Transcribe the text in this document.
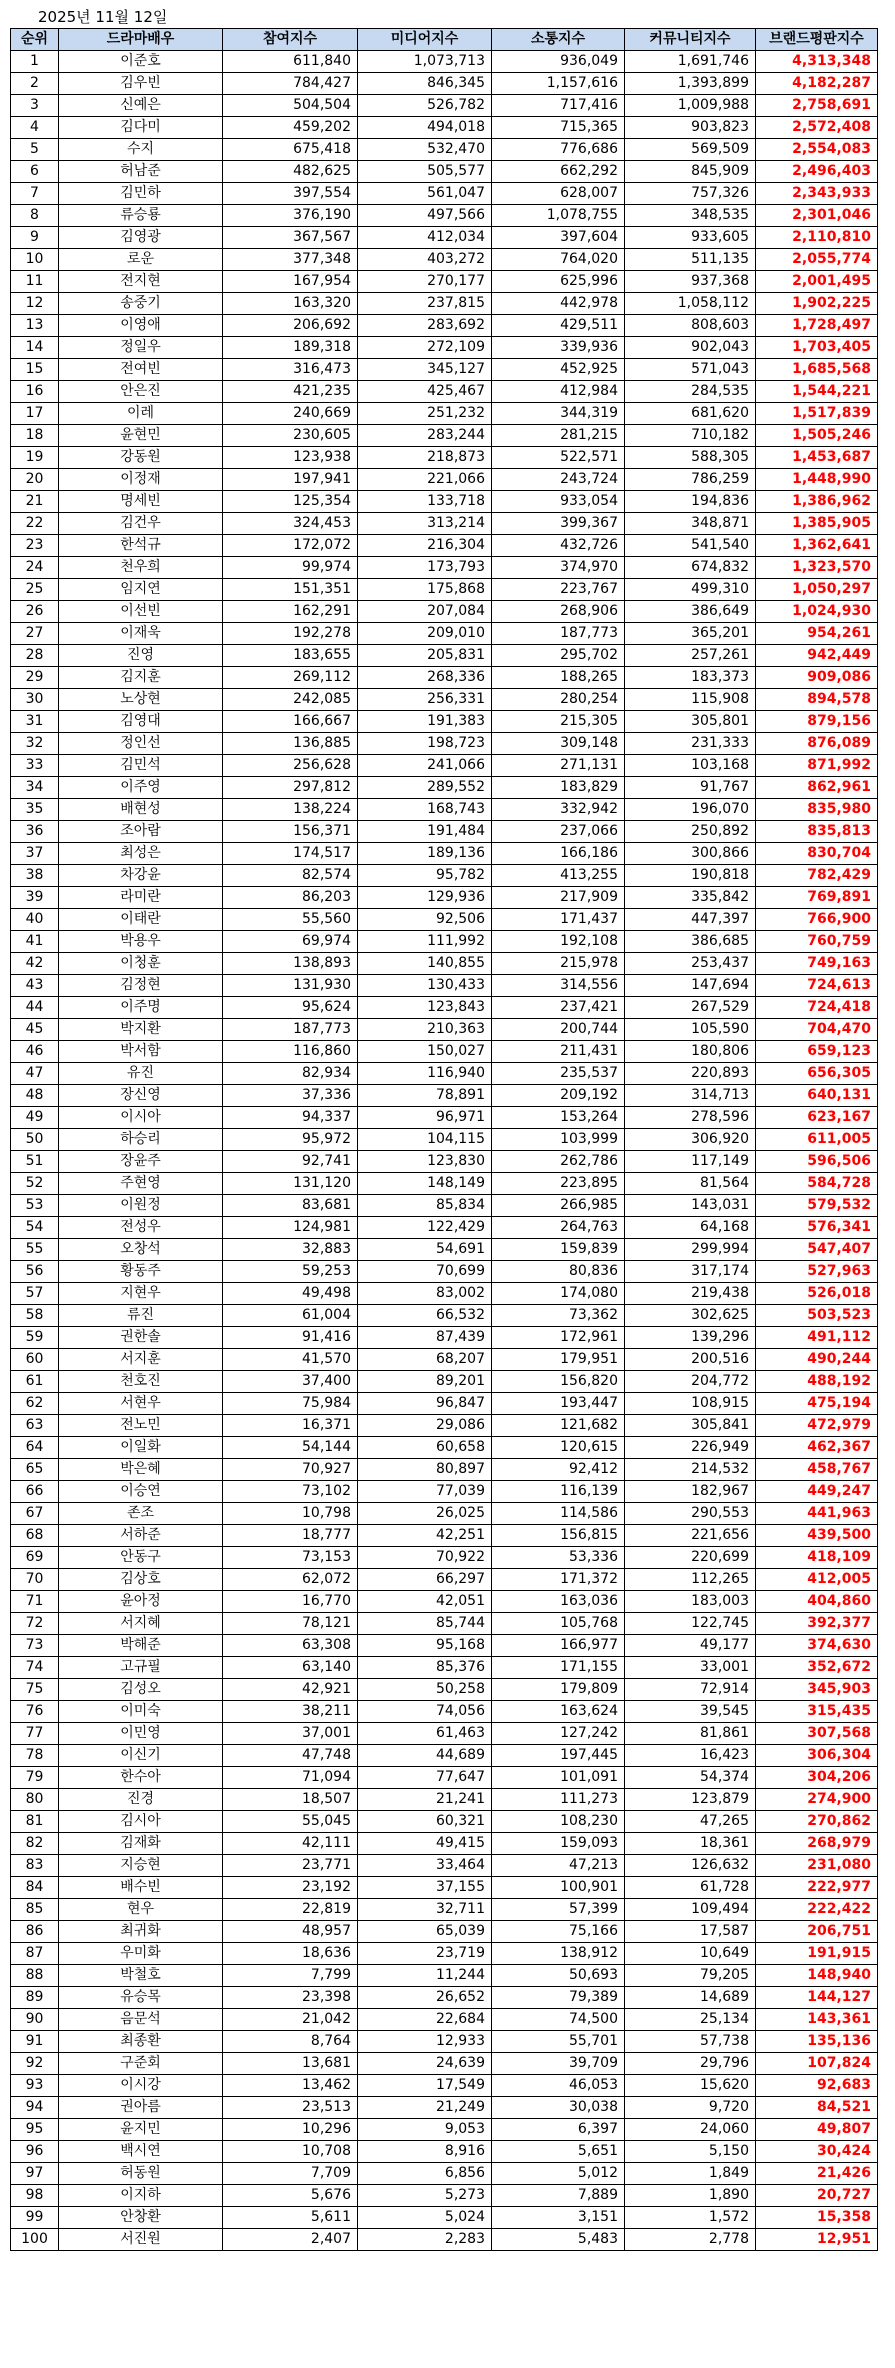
2025년 11월 12일
순위	드라마배우	참여지수	미디어지수	소통지수	커뮤니티지수	브랜드평판지수
1	이준호	611,840	1,073,713	936,049	1,691,746	4,313,348
2	김우빈	784,427	846,345	1,157,616	1,393,899	4,182,287
3	신예은	504,504	526,782	717,416	1,009,988	2,758,691
4	김다미	459,202	494,018	715,365	903,823	2,572,408
5	수지	675,418	532,470	776,686	569,509	2,554,083
6	허남준	482,625	505,577	662,292	845,909	2,496,403
7	김민하	397,554	561,047	628,007	757,326	2,343,933
8	류승룡	376,190	497,566	1,078,755	348,535	2,301,046
9	김영광	367,567	412,034	397,604	933,605	2,110,810
10	로운	377,348	403,272	764,020	511,135	2,055,774
11	전지현	167,954	270,177	625,996	937,368	2,001,495
12	송중기	163,320	237,815	442,978	1,058,112	1,902,225
13	이영애	206,692	283,692	429,511	808,603	1,728,497
14	정일우	189,318	272,109	339,936	902,043	1,703,405
15	전여빈	316,473	345,127	452,925	571,043	1,685,568
16	안은진	421,235	425,467	412,984	284,535	1,544,221
17	이레	240,669	251,232	344,319	681,620	1,517,839
18	윤현민	230,605	283,244	281,215	710,182	1,505,246
19	강동원	123,938	218,873	522,571	588,305	1,453,687
20	이정재	197,941	221,066	243,724	786,259	1,448,990
21	명세빈	125,354	133,718	933,054	194,836	1,386,962
22	김건우	324,453	313,214	399,367	348,871	1,385,905
23	한석규	172,072	216,304	432,726	541,540	1,362,641
24	천우희	99,974	173,793	374,970	674,832	1,323,570
25	임지연	151,351	175,868	223,767	499,310	1,050,297
26	이선빈	162,291	207,084	268,906	386,649	1,024,930
27	이재욱	192,278	209,010	187,773	365,201	954,261
28	진영	183,655	205,831	295,702	257,261	942,449
29	김지훈	269,112	268,336	188,265	183,373	909,086
30	노상현	242,085	256,331	280,254	115,908	894,578
31	김영대	166,667	191,383	215,305	305,801	879,156
32	정인선	136,885	198,723	309,148	231,333	876,089
33	김민석	256,628	241,066	271,131	103,168	871,992
34	이주영	297,812	289,552	183,829	91,767	862,961
35	배현성	138,224	168,743	332,942	196,070	835,980
36	조아람	156,371	191,484	237,066	250,892	835,813
37	최성은	174,517	189,136	166,186	300,866	830,704
38	차강윤	82,574	95,782	413,255	190,818	782,429
39	라미란	86,203	129,936	217,909	335,842	769,891
40	이태란	55,560	92,506	171,437	447,397	766,900
41	박용우	69,974	111,992	192,108	386,685	760,759
42	이청훈	138,893	140,855	215,978	253,437	749,163
43	김정현	131,930	130,433	314,556	147,694	724,613
44	이주명	95,624	123,843	237,421	267,529	724,418
45	박지환	187,773	210,363	200,744	105,590	704,470
46	박서함	116,860	150,027	211,431	180,806	659,123
47	유진	82,934	116,940	235,537	220,893	656,305
48	장신영	37,336	78,891	209,192	314,713	640,131
49	이시아	94,337	96,971	153,264	278,596	623,167
50	하승리	95,972	104,115	103,999	306,920	611,005
51	장윤주	92,741	123,830	262,786	117,149	596,506
52	주현영	131,120	148,149	223,895	81,564	584,728
53	이원정	83,681	85,834	266,985	143,031	579,532
54	전성우	124,981	122,429	264,763	64,168	576,341
55	오창석	32,883	54,691	159,839	299,994	547,407
56	황동주	59,253	70,699	80,836	317,174	527,963
57	지현우	49,498	83,002	174,080	219,438	526,018
58	류진	61,004	66,532	73,362	302,625	503,523
59	권한솔	91,416	87,439	172,961	139,296	491,112
60	서지훈	41,570	68,207	179,951	200,516	490,244
61	천호진	37,400	89,201	156,820	204,772	488,192
62	서현우	75,984	96,847	193,447	108,915	475,194
63	전노민	16,371	29,086	121,682	305,841	472,979
64	이일화	54,144	60,658	120,615	226,949	462,367
65	박은혜	70,927	80,897	92,412	214,532	458,767
66	이승연	73,102	77,039	116,139	182,967	449,247
67	존조	10,798	26,025	114,586	290,553	441,963
68	서하준	18,777	42,251	156,815	221,656	439,500
69	안동구	73,153	70,922	53,336	220,699	418,109
70	김상호	62,072	66,297	171,372	112,265	412,005
71	윤아정	16,770	42,051	163,036	183,003	404,860
72	서지혜	78,121	85,744	105,768	122,745	392,377
73	박해준	63,308	95,168	166,977	49,177	374,630
74	고규필	63,140	85,376	171,155	33,001	352,672
75	김성오	42,921	50,258	179,809	72,914	345,903
76	이미숙	38,211	74,056	163,624	39,545	315,435
77	이민영	37,001	61,463	127,242	81,861	307,568
78	이신기	47,748	44,689	197,445	16,423	306,304
79	한수아	71,094	77,647	101,091	54,374	304,206
80	진경	18,507	21,241	111,273	123,879	274,900
81	김시아	55,045	60,321	108,230	47,265	270,862
82	김재화	42,111	49,415	159,093	18,361	268,979
83	지승현	23,771	33,464	47,213	126,632	231,080
84	배수빈	23,192	37,155	100,901	61,728	222,977
85	현우	22,819	32,711	57,399	109,494	222,422
86	최귀화	48,957	65,039	75,166	17,587	206,751
87	우미화	18,636	23,719	138,912	10,649	191,915
88	박철호	7,799	11,244	50,693	79,205	148,940
89	유승목	23,398	26,652	79,389	14,689	144,127
90	음문석	21,042	22,684	74,500	25,134	143,361
91	최종환	8,764	12,933	55,701	57,738	135,136
92	구준회	13,681	24,639	39,709	29,796	107,824
93	이시강	13,462	17,549	46,053	15,620	92,683
94	권아름	23,513	21,249	30,038	9,720	84,521
95	윤지민	10,296	9,053	6,397	24,060	49,807
96	백시연	10,708	8,916	5,651	5,150	30,424
97	허동원	7,709	6,856	5,012	1,849	21,426
98	이지하	5,676	5,273	7,889	1,890	20,727
99	안창환	5,611	5,024	3,151	1,572	15,358
100	서진원	2,407	2,283	5,483	2,778	12,951
